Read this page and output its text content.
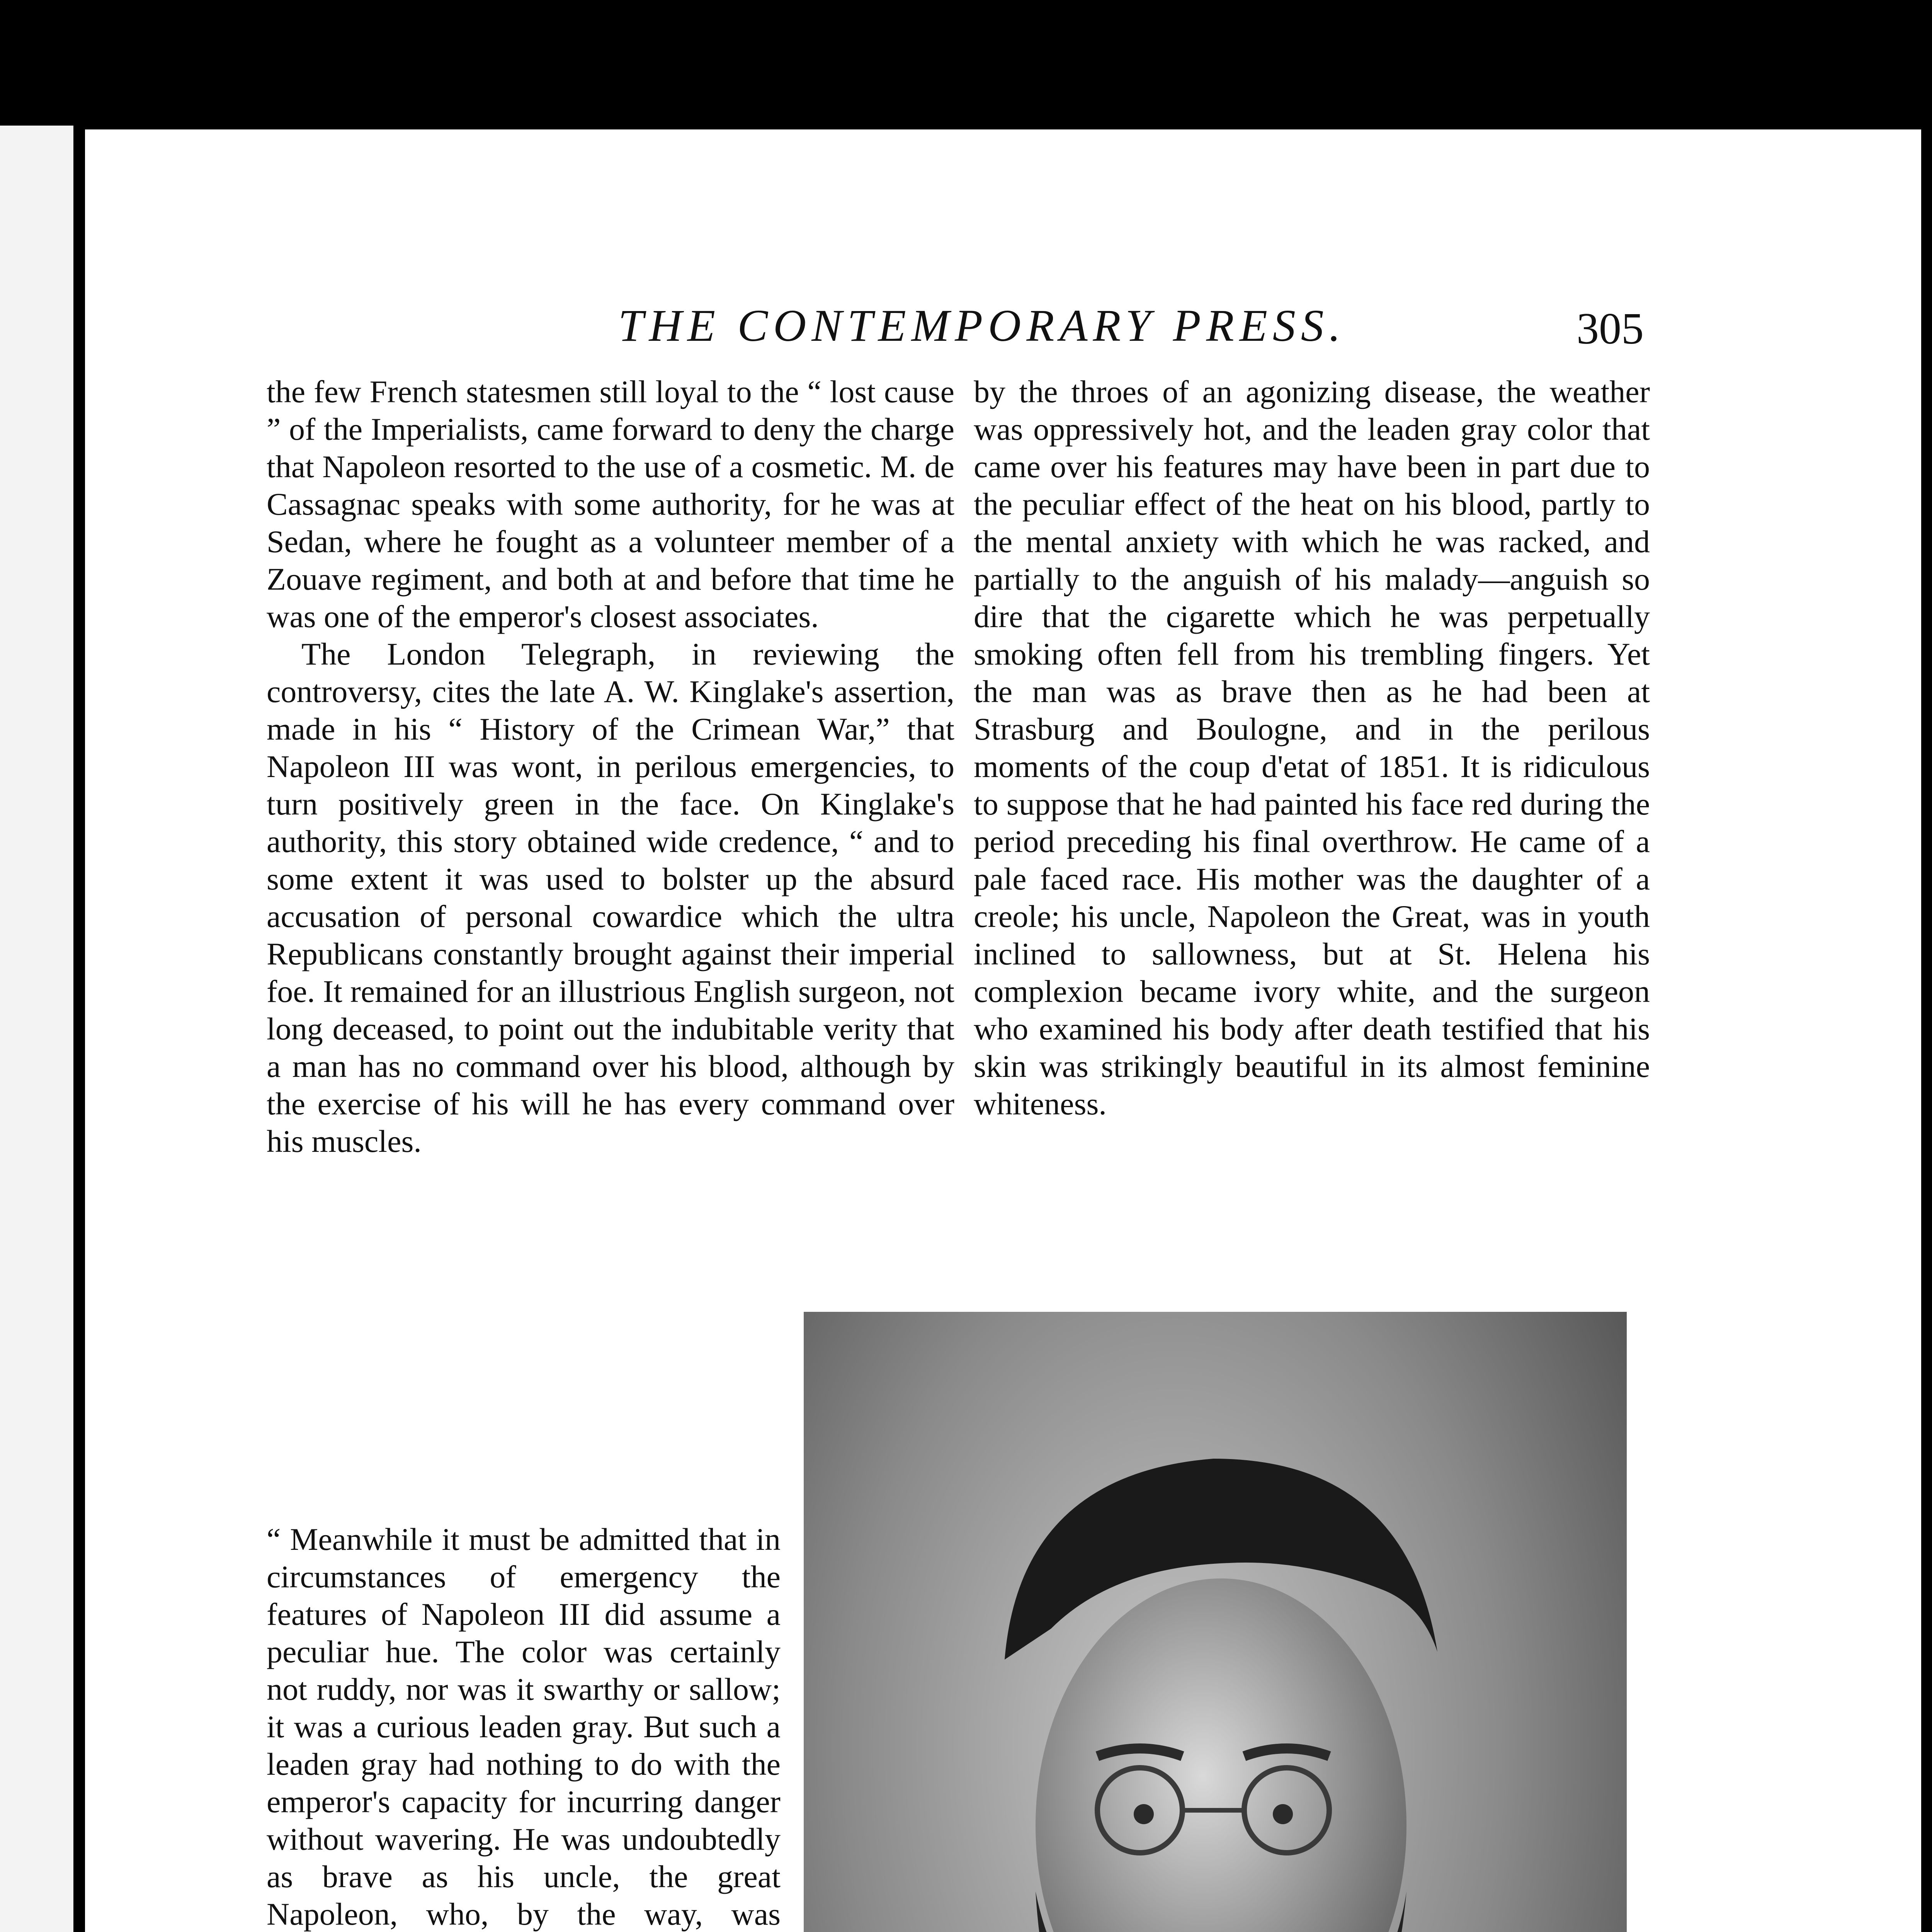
THE CONTEMPORARY PRESS.	305

the few French statesmen still loyal to the “ lost cause ” of the Imperialists, came forward to deny the charge that Napoleon resorted to the use of a cosmetic. M. de Cassagnac speaks with some authority, for he was at Sedan, where he fought as a volunteer member of a Zouave regiment, and both at and before that time he was one of the emperor's closest associates.

The London Telegraph, in reviewing the controversy, cites the late A. W. Kinglake's assertion, made in his “ History of the Crimean War,” that Napoleon III was wont, in perilous emergencies, to turn positively green in the face. On Kinglake's authority, this story obtained wide credence, “ and to some extent it was used to bolster up the absurd accusation of personal cowardice which the ultra Republicans constantly brought against their imperial foe. It remained for an illustrious English surgeon, not long deceased, to point out the indubitable verity that a man has no command over his blood, although by the exercise of his will he has every command over his muscles.

“ Meanwhile it must be admitted that in circumstances of emergency the features of Napoleon III did assume a peculiar hue. The color was certainly not ruddy, nor was it swarthy or sallow; it was a curious leaden gray. But such a leaden gray had nothing to do with the emperor's capacity for incurring danger without wavering. He was undoubtedly as brave as his uncle, the great Napoleon, who, by the way, was

by the throes of an agonizing disease, the weather was oppressively hot, and the leaden gray color that came over his features may have been in part due to the peculiar effect of the heat on his blood, partly to the mental anxiety with which he was racked, and partially to the anguish of his malady—anguish so dire that the cigarette which he was perpetually smoking often fell from his trembling fingers. Yet the man was as brave then as he had been at Strasburg and Boulogne, and in the perilous moments of the coup d'etat of 1851. It is ridiculous to suppose that he had painted his face red during the period preceding his final overthrow. He came of a pale faced race. His mother was the daughter of a creole; his uncle, Napoleon the Great, was in youth inclined to sallowness, but at St. Helena his complexion became ivory white, and the surgeon who examined his body after death testified that his skin was strikingly beautiful in its almost feminine whiteness.
